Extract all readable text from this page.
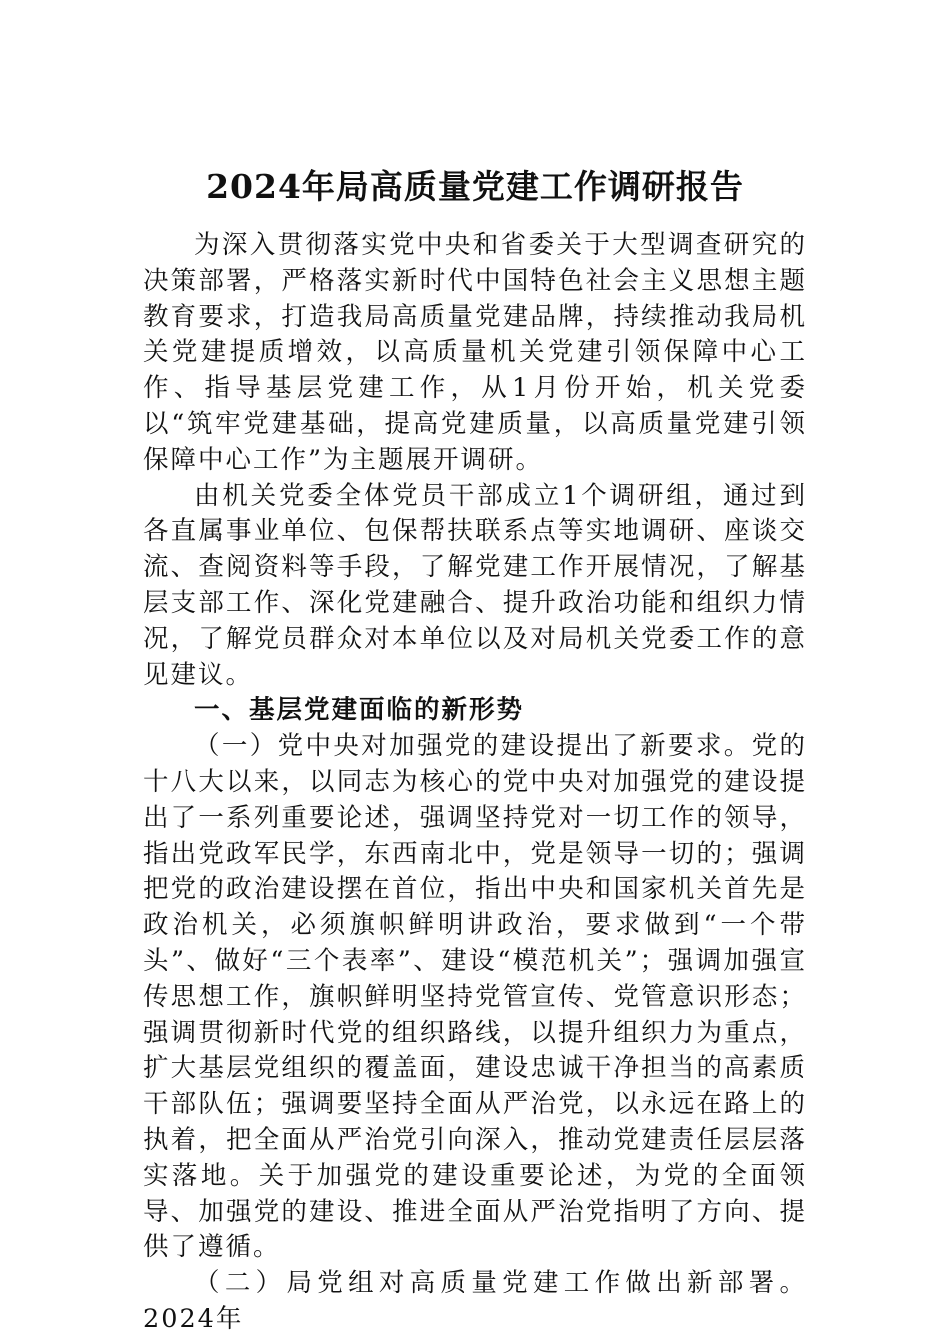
2024年局高质量党建工作调研报告

为深入贯彻落实党中央和省委关于大型调查研究的决策部署，严格落实新时代中国特色社会主义思想主题教育要求，打造我局高质量党建品牌，持续推动我局机关党建提质增效，以高质量机关党建引领保障中心工作、指导基层党建工作，从1月份开始，机关党委以“筑牢党建基础，提高党建质量，以高质量党建引领保障中心工作”为主题展开调研。

由机关党委全体党员干部成立1个调研组，通过到各直属事业单位、包保帮扶联系点等实地调研、座谈交流、查阅资料等手段，了解党建工作开展情况，了解基层支部工作、深化党建融合、提升政治功能和组织力情况，了解党员群众对本单位以及对局机关党委工作的意见建议。

一、基层党建面临的新形势

（一）党中央对加强党的建设提出了新要求。党的十八大以来，以同志为核心的党中央对加强党的建设提出了一系列重要论述，强调坚持党对一切工作的领导，指出党政军民学，东西南北中，党是领导一切的；强调把党的政治建设摆在首位，指出中央和国家机关首先是政治机关，必须旗帜鲜明讲政治，要求做到“一个带头”、做好“三个表率”、建设“模范机关”；强调加强宣传思想工作，旗帜鲜明坚持党管宣传、党管意识形态；强调贯彻新时代党的组织路线，以提升组织力为重点，扩大基层党组织的覆盖面，建设忠诚干净担当的高素质干部队伍；强调要坚持全面从严治党，以永远在路上的执着，把全面从严治党引向深入，推动党建责任层层落实落地。关于加强党的建设重要论述，为党的全面领导、加强党的建设、推进全面从严治党指明了方向、提供了遵循。

（二）局党组对高质量党建工作做出新部署。2024年
